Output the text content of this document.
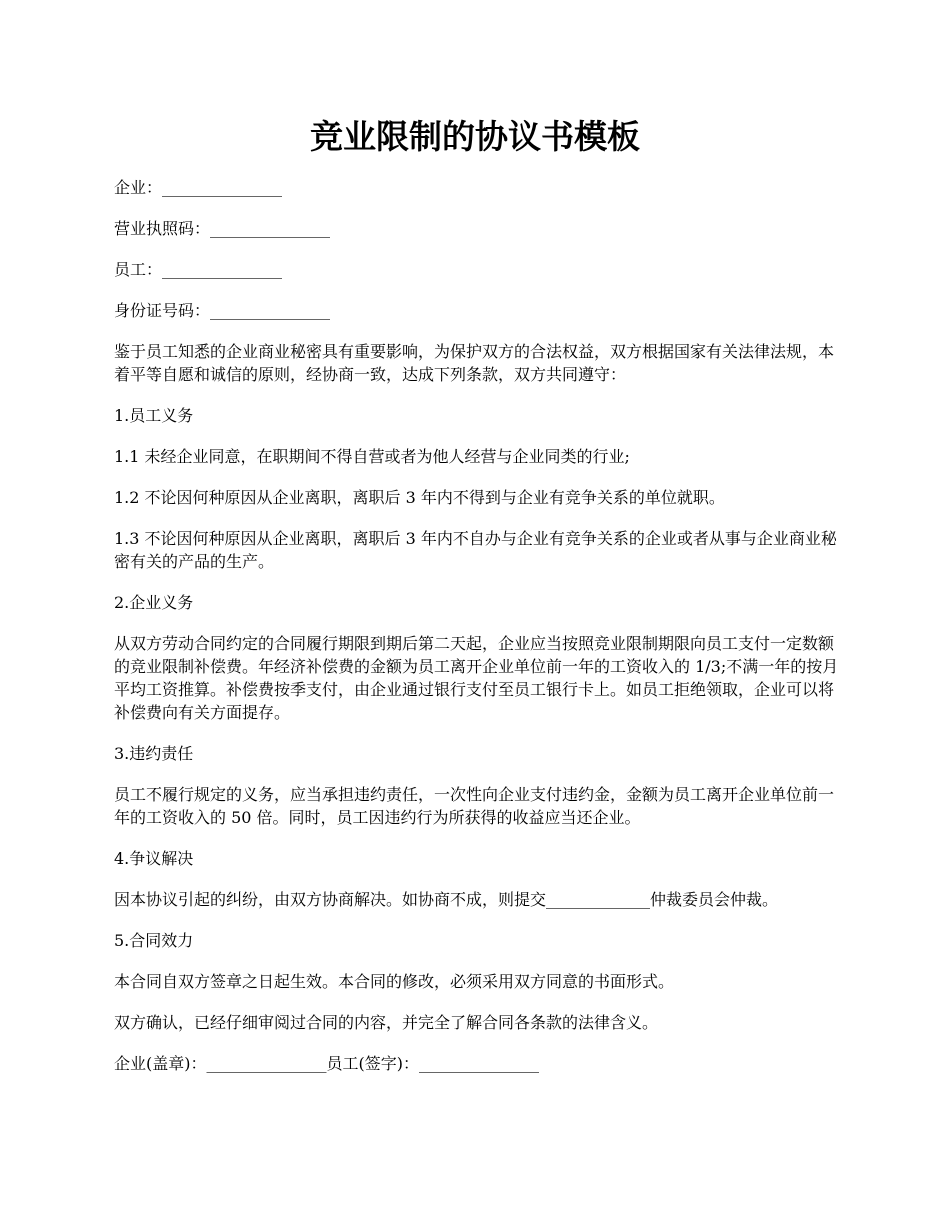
竞业限制的协议书模板

企业：_______________

营业执照码：_______________

员工：_______________

身份证号码：_______________

鉴于员工知悉的企业商业秘密具有重要影响，为保护双方的合法权益，双方根据国家有关法律法规，本着平等自愿和诚信的原则，经协商一致，达成下列条款，双方共同遵守：

1.员工义务

1.1 未经企业同意，在职期间不得自营或者为他人经营与企业同类的行业;

1.2 不论因何种原因从企业离职，离职后 3 年内不得到与企业有竞争关系的单位就职。

1.3 不论因何种原因从企业离职，离职后 3 年内不自办与企业有竞争关系的企业或者从事与企业商业秘密有关的产品的生产。

2.企业义务

从双方劳动合同约定的合同履行期限到期后第二天起，企业应当按照竞业限制期限向员工支付一定数额的竞业限制补偿费。年经济补偿费的金额为员工离开企业单位前一年的工资收入的 1/3;不满一年的按月平均工资推算。补偿费按季支付，由企业通过银行支付至员工银行卡上。如员工拒绝领取，企业可以将补偿费向有关方面提存。

3.违约责任

员工不履行规定的义务，应当承担违约责任，一次性向企业支付违约金，金额为员工离开企业单位前一年的工资收入的 50 倍。同时，员工因违约行为所获得的收益应当还企业。

4.争议解决

因本协议引起的纠纷，由双方协商解决。如协商不成，则提交_____________仲裁委员会仲裁。

5.合同效力

本合同自双方签章之日起生效。本合同的修改，必须采用双方同意的书面形式。

双方确认，已经仔细审阅过合同的内容，并完全了解合同各条款的法律含义。

企业(盖章)：_______________员工(签字)：_______________
